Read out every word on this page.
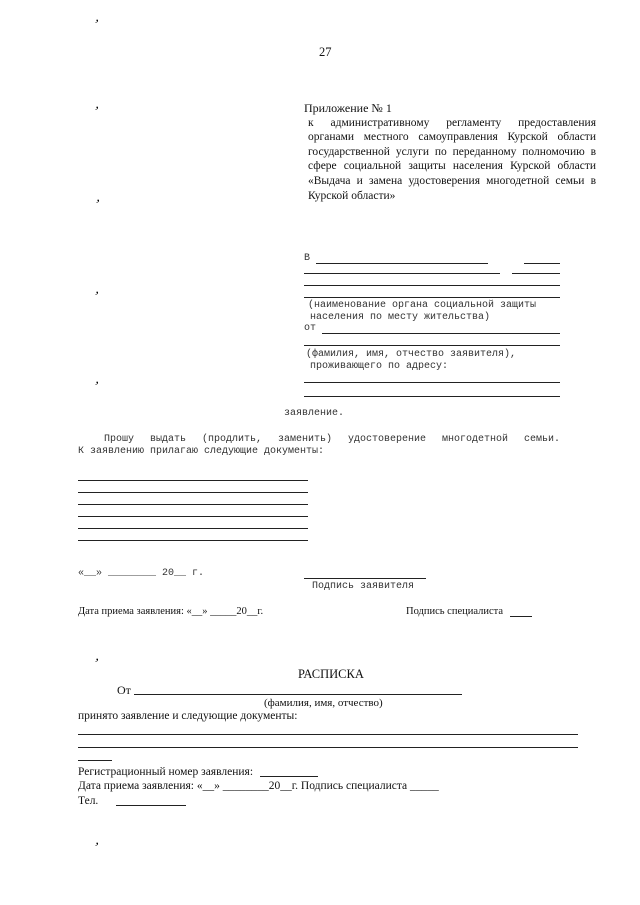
27
,
,
,
,
,
,
,
Приложение № 1
к административному регламенту предоставления органами местного самоуправления Курской области государственной услуги по переданному полномочию в сфере социальной защиты населения Курской области «Выдача и замена удостоверения многодетной семьи в Курской области»
В
(наименование органа социальной защиты
населения по месту жительства)
от
(фамилия, имя, отчество заявителя),
проживающего по адресу:
заявление.
Прошу выдать (продлить, заменить) удостоверение многодетной семьи.
К заявлению прилагаю следующие документы:
«__» ________ 20__ г.
Подпись заявителя
Дата приема заявления: «__» _____20__г.	Подпись специалиста
РАСПИСКА
От
(фамилия, имя, отчество)
принято заявление и следующие документы:
Регистрационный номер заявления:
Дата приема заявления: «__» ________20__г. Подпись специалиста _____
Тел.
